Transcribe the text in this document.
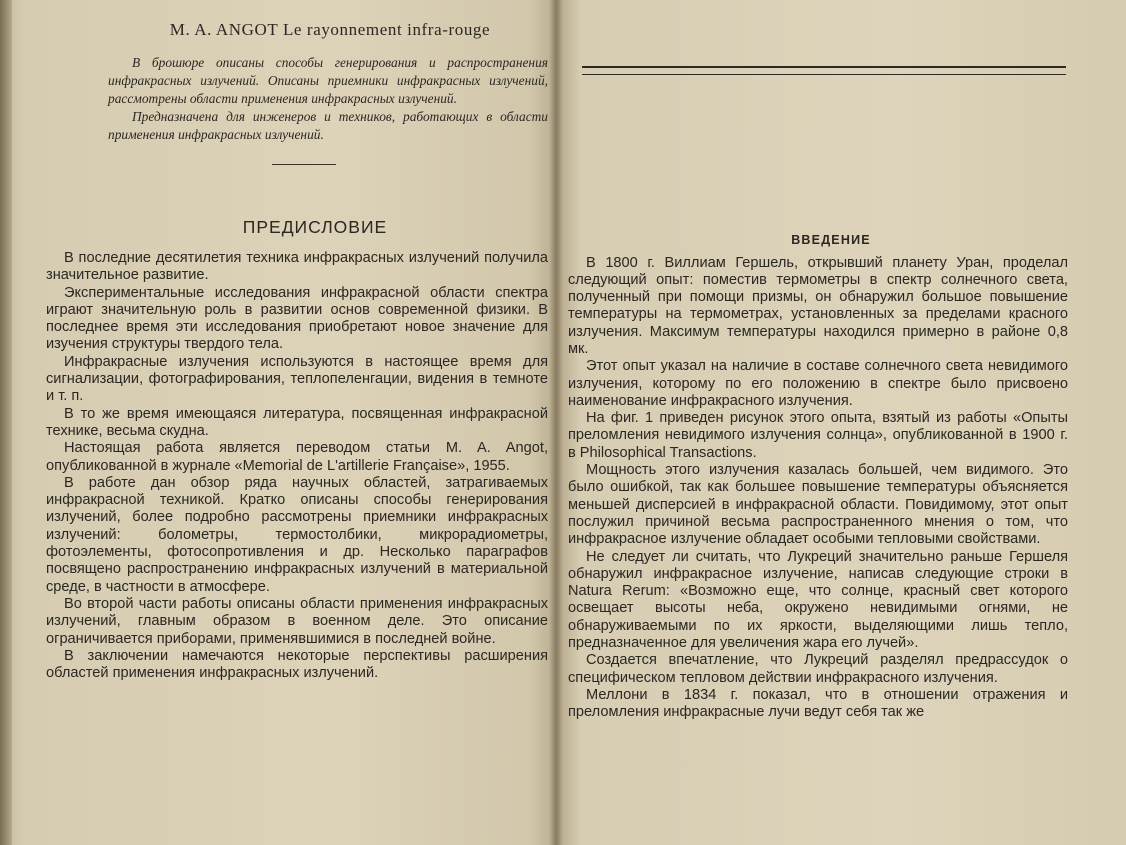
M. A. ANGOT Le rayonnement infra-rouge

В брошюре описаны способы генерирования и распространения инфракрасных излучений. Описаны приемники инфракрасных излучений, рассмотрены области применения инфракрасных излучений.

Предназначена для инженеров и техников, работающих в области применения инфракрасных излучений.

ПРЕДИСЛОВИЕ

В последние десятилетия техника инфракрасных излучений получила значительное развитие.

Экспериментальные исследования инфракрасной области спектра играют значительную роль в развитии основ современной физики. В последнее время эти исследования приобретают новое значение для изучения структуры твердого тела.

Инфракрасные излучения используются в настоящее время для сигнализации, фотографирования, теплопеленгации, видения в темноте и т. п.

В то же время имеющаяся литература, посвященная инфракрасной технике, весьма скудна.

Настоящая работа является переводом статьи M. A. Angot, опубликованной в журнале «Memorial de L'artillerie Française», 1955.

В работе дан обзор ряда научных областей, затрагиваемых инфракрасной техникой. Кратко описаны способы генерирования излучений, более подробно рассмотрены приемники инфракрасных излучений: болометры, термостолбики, микрорадиометры, фотоэлементы, фотосопротивления и др. Несколько параграфов посвящено распространению инфракрасных излучений в материальной среде, в частности в атмосфере.

Во второй части работы описаны области применения инфракрасных излучений, главным образом в военном деле. Это описание ограничивается приборами, применявшимися в последней войне.

В заключении намечаются некоторые перспективы расширения областей применения инфракрасных излучений.

ВВЕДЕНИЕ

В 1800 г. Виллиам Гершель, открывший планету Уран, проделал следующий опыт: поместив термометры в спектр солнечного света, полученный при помощи призмы, он обнаружил большое повышение температуры на термометрах, установленных за пределами красного излучения. Максимум температуры находился примерно в районе 0,8 мк.

Этот опыт указал на наличие в составе солнечного света невидимого излучения, которому по его положению в спектре было присвоено наименование инфракрасного излучения.

На фиг. 1 приведен рисунок этого опыта, взятый из работы «Опыты преломления невидимого излучения солнца», опубликованной в 1900 г. в Philosophical Transactions.

Мощность этого излучения казалась большей, чем видимого. Это было ошибкой, так как большее повышение температуры объясняется меньшей дисперсией в инфракрасной области. Повидимому, этот опыт послужил причиной весьма распространенного мнения о том, что инфракрасное излучение обладает особыми тепловыми свойствами.

Не следует ли считать, что Лукреций значительно раньше Гершеля обнаружил инфракрасное излучение, написав следующие строки в Natura Rerum: «Возможно еще, что солнце, красный свет которого освещает высоты неба, окружено невидимыми огнями, не обнаруживаемыми по их яркости, выделяющими лишь тепло, предназначенное для увеличения жара его лучей».

Создается впечатление, что Лукреций разделял предрассудок о специфическом тепловом действии инфракрасного излучения.

Меллони в 1834 г. показал, что в отношении отражения и преломления инфракрасные лучи ведут себя так же
